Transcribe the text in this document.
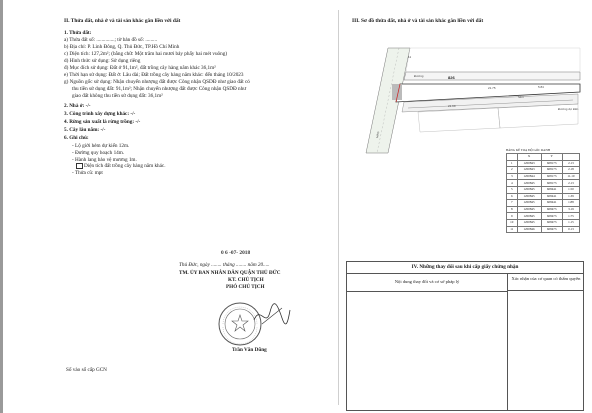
II. Thửa đất, nhà ở và tài sản khác gắn liền với đất
1. Thửa đất:
a) Thửa đất số: ..............; tờ bản đồ số: .........
b) Địa chỉ: P. Linh Đông, Q. Thủ Đức, TP.Hồ Chí Minh
c) Diện tích: 127,2m²; (bằng chữ: Một trăm hai mươi bảy phẩy hai mét vuông)
d) Hình thức sử dụng: Sử dụng riêng
đ) Mục đích sử dụng: Đất ở 91,1m², đất trồng cây hàng năm khác 36,1m²
e) Thời hạn sử dụng: Đất ở: Lâu dài; Đất trồng cây hàng năm khác: đến tháng 10/2023
g) Nguồn gốc sử dụng: Nhận chuyển nhượng đất được Công nhận QSDĐ như giao đất có
thu tiền sử dụng đất: 91,1m²; Nhận chuyển nhượng đất được Công nhận QSDĐ như
giao đất không thu tiền sử dụng đất: 36,1m²
2. Nhà ở: -/-
3. Công trình xây dựng khác: -/-
4. Rừng sản xuất là rừng trồng: -/-
5. Cây lâu năm: -/-
6. Ghi chú:
- Lộ giới hẻm dự kiến 12m.
- Đường quy hoạch 14m.
- Hành lang bảo vệ mương 1m.
Diện tích đất trồng cây hàng năm khác.
- Thửa cũ: mpt
0 6 -07- 2018
Thủ Đức, ngày ........ tháng ........ năm 20.....
TM. ỦY BAN NHÂN DÂN QUẬN THỦ ĐỨC
KT. CHỦ TỊCH
PHÓ CHỦ TỊCH
Trần Văn Dũng
Số vào sổ cấp GCN
III. Sơ đồ thửa đất, nhà ở và tài sản khác gắn liền với đất
Đường
21.75	5.84
21.60
Hẻm
hẻm
11
Đường dự kiến
826
BẢNG KÊ TOẠ ĐỘ GÓC RANH
	X	Y	
1	1200843	608173	2.13
2	1200843	608173	2.18
3	1200844	608173	11.10
4	1200845	608173	2.13
5	1200845	608441	1.50
6	1200845	608441	1.39
7	1200845	608441	1.88
8	1200845	608473	3.19
9	1200845	608473	1.75
10	1200845	608473	1.15
11	1200846	608473	0.13
IV. Những thay đổi sau khi cấp giấy chứng nhận
Nội dung thay đổi và cơ sở pháp lý
Xác nhận của cơ quan có thẩm quyền
